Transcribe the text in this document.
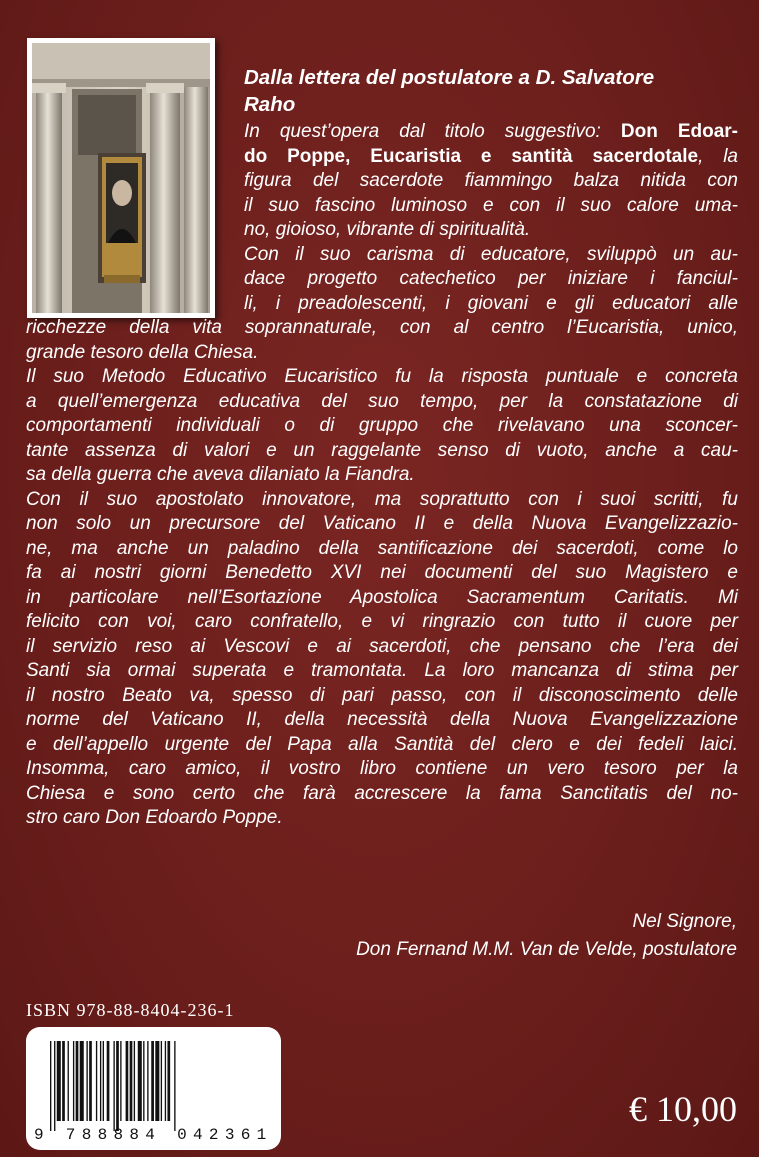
Dalla lettera del postulatore a D. Salvatore
Raho
In quest’opera dal titolo suggestivo: Don Edoar-
do Poppe, Eucaristia e santità sacerdotale, la
figura del sacerdote fiammingo balza nitida con
il suo fascino luminoso e con il suo calore uma-
no, gioioso, vibrante di spiritualità.
Con il suo carisma di educatore, sviluppò un au-
dace progetto catechetico per iniziare i fanciul-
li, i preadolescenti, i giovani e gli educatori alle
ricchezze della vita soprannaturale, con al centro l’Eucaristia, unico,
grande tesoro della Chiesa.
Il suo Metodo Educativo Eucaristico fu la risposta puntuale e concreta
a quell’emergenza educativa del suo tempo, per la constatazione di
comportamenti individuali o di gruppo che rivelavano una sconcer-
tante assenza di valori e un raggelante senso di vuoto, anche a cau-
sa della guerra che aveva dilaniato la Fiandra.
Con il suo apostolato innovatore, ma soprattutto con i suoi scritti, fu
non solo un precursore del Vaticano II e della Nuova Evangelizzazio-
ne, ma anche un paladino della santificazione dei sacerdoti, come lo
fa ai nostri giorni Benedetto XVI nei documenti del suo Magistero e
in particolare nell’Esortazione Apostolica Sacramentum Caritatis. Mi
felicito con voi, caro confratello, e vi ringrazio con tutto il cuore per
il servizio reso ai Vescovi e ai sacerdoti, che pensano che l’era dei
Santi sia ormai superata e tramontata. La loro mancanza di stima per
il nostro Beato va, spesso di pari passo, con il disconoscimento delle
norme del Vaticano II, della necessità della Nuova Evangelizzazione
e dell’appello urgente del Papa alla Santità del clero e dei fedeli laici.
Insomma, caro amico, il vostro libro contiene un vero tesoro per la
Chiesa e sono certo che farà accrescere la fama Sanctitatis del no-
stro caro Don Edoardo Poppe.
Nel Signore,
Don Fernand M.M. Van de Velde, postulatore
ISBN 978-88-8404-236-1
9 788884 042361
€ 10,00
